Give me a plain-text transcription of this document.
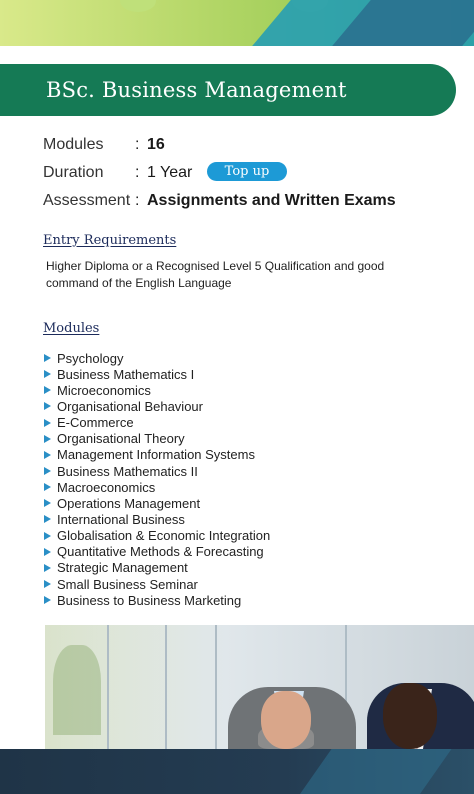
BSc. Business Management
Modules	: 16
Duration	: 1 Year	Top up
Assessment : Assignments and Written Exams
Entry Requirements

Higher Diploma or a Recognised Level 5 Qualification and good command of the English Language

Modules
Psychology
Business Mathematics I
Microeconomics
Organisational Behaviour
E-Commerce
Organisational Theory
Management Information Systems
Business Mathematics II
Macroeconomics
Operations Management
International Business
Globalisation & Economic Integration
Quantitative Methods & Forecasting
Strategic Management
Small Business Seminar
Business to Business Marketing
